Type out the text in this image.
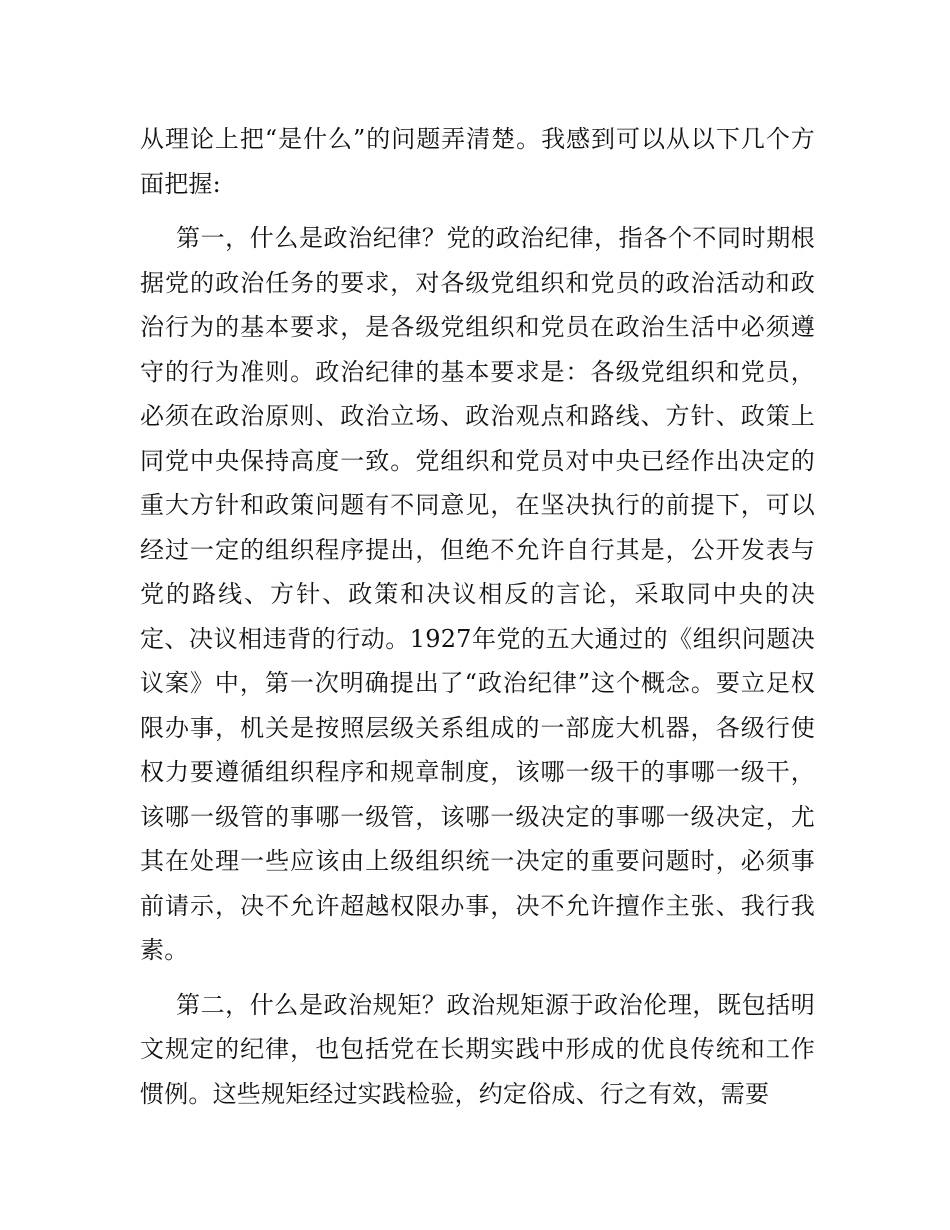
从理论上把“是什么”的问题弄清楚。我感到可以从以下几个方面把握:

第一，什么是政治纪律？党的政治纪律，指各个不同时期根据党的政治任务的要求，对各级党组织和党员的政治活动和政治行为的基本要求，是各级党组织和党员在政治生活中必须遵守的行为准则。政治纪律的基本要求是：各级党组织和党员，必须在政治原则、政治立场、政治观点和路线、方针、政策上同党中央保持高度一致。党组织和党员对中央已经作出决定的重大方针和政策问题有不同意见，在坚决执行的前提下，可以经过一定的组织程序提出，但绝不允许自行其是，公开发表与党的路线、方针、政策和决议相反的言论，采取同中央的决定、决议相违背的行动。1927年党的五大通过的《组织问题决议案》中，第一次明确提出了“政治纪律”这个概念。要立足权限办事，机关是按照层级关系组成的一部庞大机器，各级行使权力要遵循组织程序和规章制度，该哪一级干的事哪一级干，该哪一级管的事哪一级管，该哪一级决定的事哪一级决定，尤其在处理一些应该由上级组织统一决定的重要问题时，必须事前请示，决不允许超越权限办事，决不允许擅作主张、我行我素。

第二，什么是政治规矩？政治规矩源于政治伦理，既包括明文规定的纪律，也包括党在长期实践中形成的优良传统和工作惯例。这些规矩经过实践检验，约定俗成、行之有效，需要
